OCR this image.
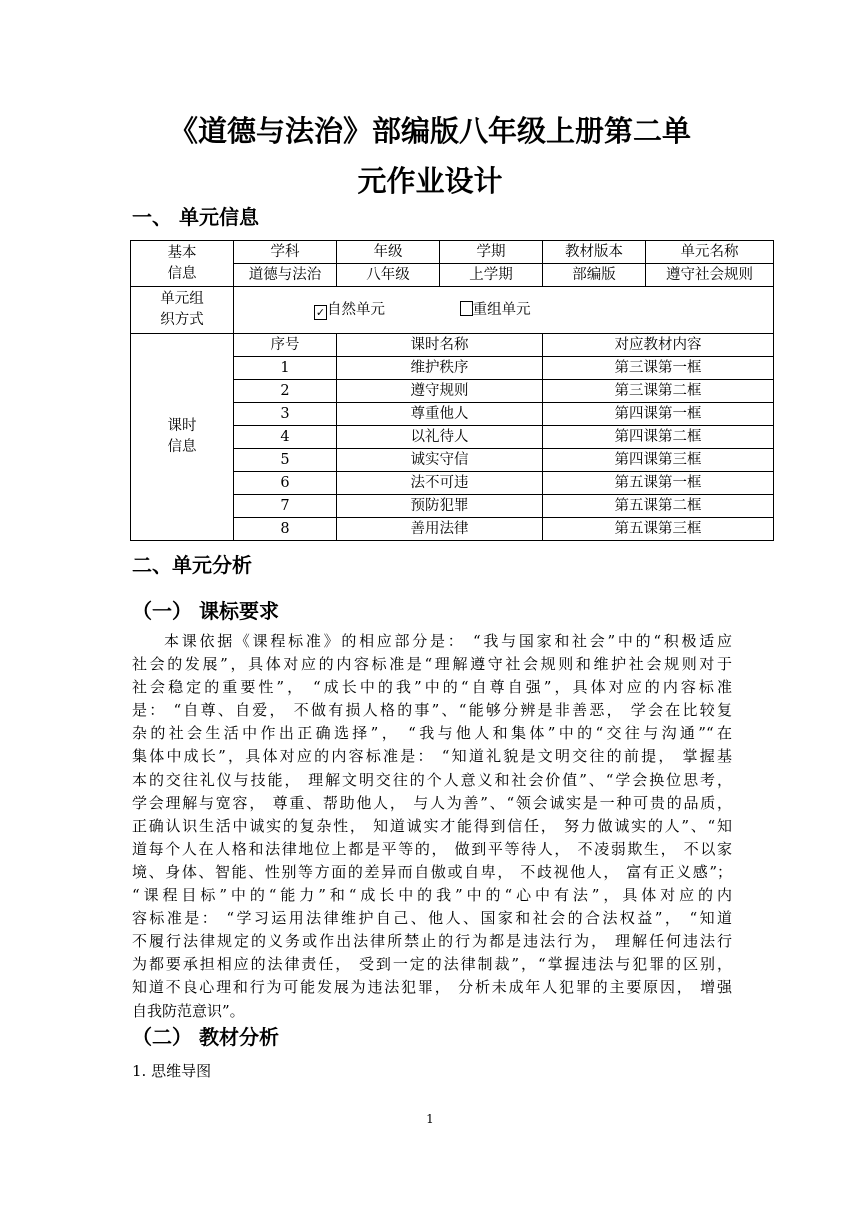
《道德与法治》部编版八年级上册第二单
元作业设计
一、 单元信息
基本
信息	学科	年级	学期	教材版本	单元名称
	道德与法治	八年级	上学期	部编版	遵守社会规则

单元组
织方式	✓ 自然单元 重组单元				

课时
信息	序号	课时名称		对应教材内容	
	1	维护秩序		第三课第一框	
	2	遵守规则		第三课第二框	
	3	尊重他人		第四课第一框	
	4	以礼待人		第四课第二框	
	5	诚实守信		第四课第三框	
	6	法不可违		第五课第一框	
	7	预防犯罪		第五课第二框	
	8	善用法律		第五课第三框	
二、单元分析
（一） 课标要求
本课依据《课程标准》的相应部分是： “我与国家和社会”中的“积极适应
社会的发展”，具体对应的内容标准是“理解遵守社会规则和维护社会规则对于
社会稳定的重要性”， “成长中的我”中的“自尊自强”，具体对应的内容标准
是： “自尊、自爱， 不做有损人格的事”、“能够分辨是非善恶， 学会在比较复
杂的社会生活中作出正确选择”， “我与他人和集体”中的“交往与沟通”“在
集体中成长”，具体对应的内容标准是： “知道礼貌是文明交往的前提， 掌握基
本的交往礼仪与技能， 理解文明交往的个人意义和社会价值”、“学会换位思考，
学会理解与宽容， 尊重、帮助他人， 与人为善”、“领会诚实是一种可贵的品质，
正确认识生活中诚实的复杂性， 知道诚实才能得到信任， 努力做诚实的人”、“知
道每个人在人格和法律地位上都是平等的， 做到平等待人， 不凌弱欺生， 不以家
境、身体、智能、性别等方面的差异而自傲或自卑， 不歧视他人， 富有正义感”；
“课程目标”中的“能力”和“成长中的我”中的“心中有法”，具体对应的内
容标准是： “学习运用法律维护自己、他人、国家和社会的合法权益”， “知道
不履行法律规定的义务或作出法律所禁止的行为都是违法行为， 理解任何违法行
为都要承担相应的法律责任， 受到一定的法律制裁”，“掌握违法与犯罪的区别，
知道不良心理和行为可能发展为违法犯罪， 分析未成年人犯罪的主要原因， 增强
自我防范意识”。
（二） 教材分析
1. 思维导图
1
